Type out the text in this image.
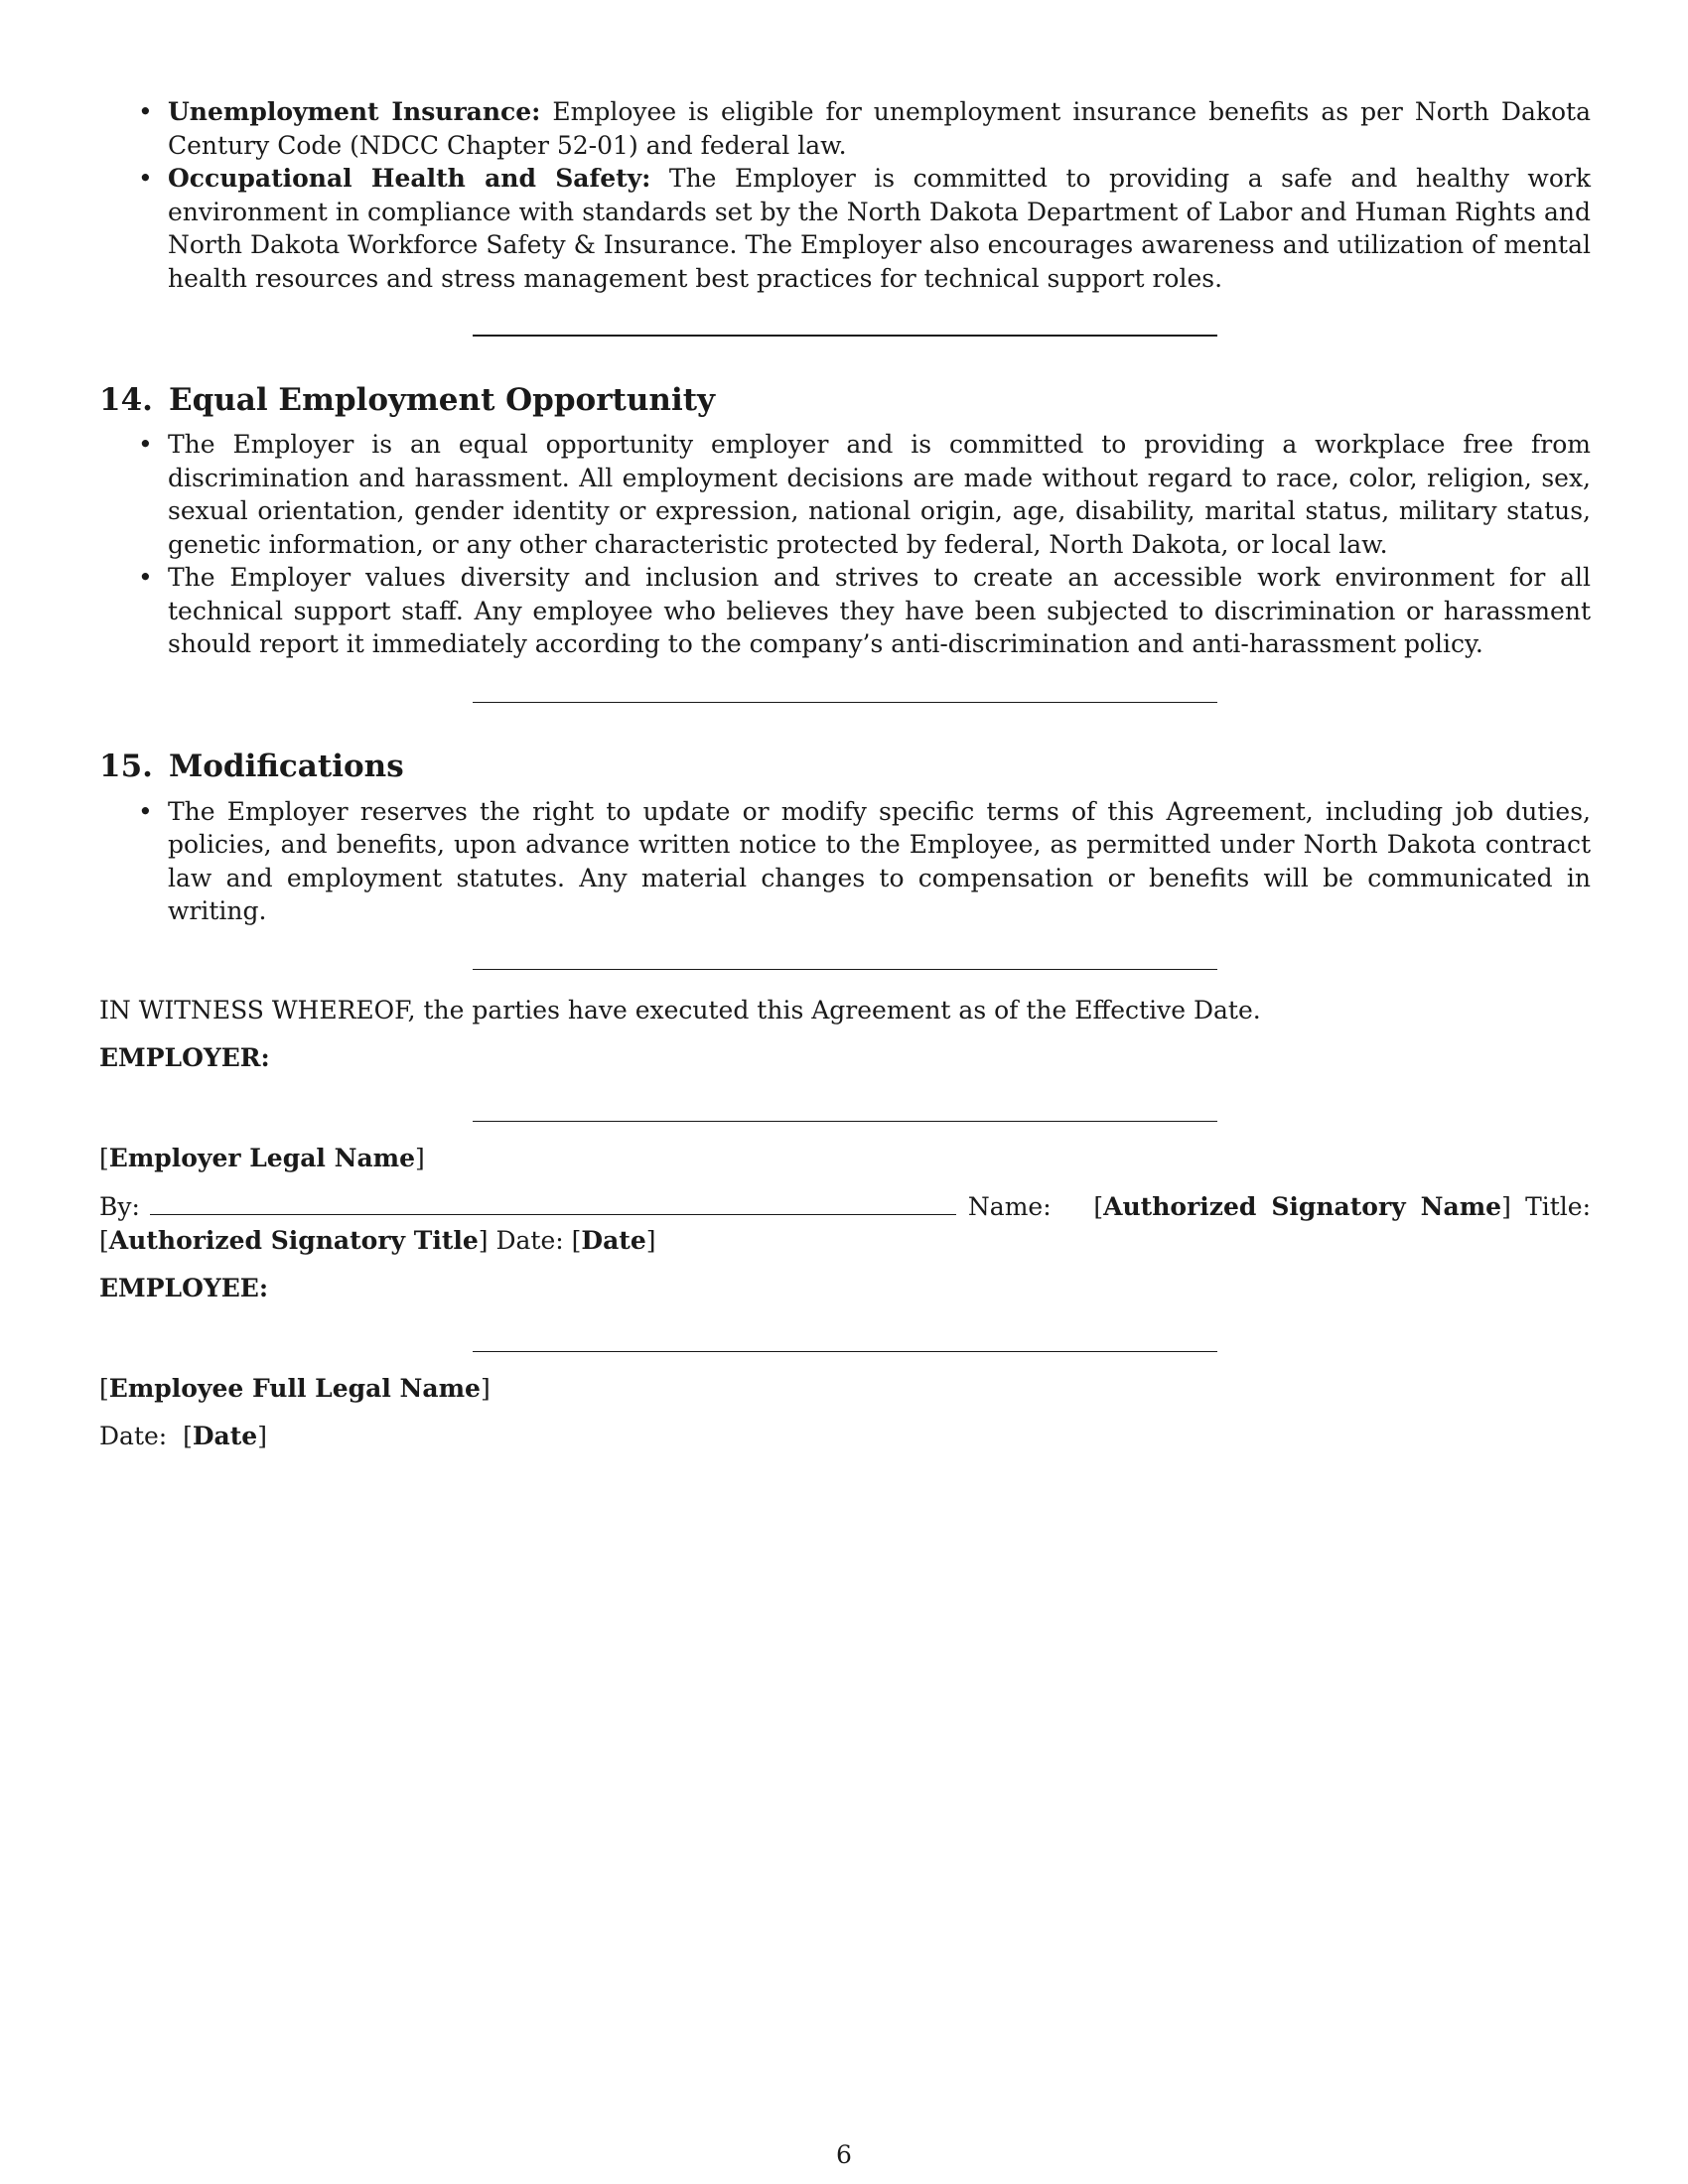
• Unemployment Insurance: Employee is eligible for unemployment insurance benefits as per North Dakota Century Code (NDCC Chapter 52-01) and federal law.
• Occupational Health and Safety: The Employer is committed to providing a safe and healthy work environment in compliance with standards set by the North Dakota Department of Labor and Human Rights and North Dakota Workforce Safety & Insurance. The Employer also encourages awareness and utilization of mental health resources and stress management best practices for technical support roles.
14. Equal Employment Opportunity
• The Employer is an equal opportunity employer and is committed to providing a workplace free from discrimination and harassment. All employment decisions are made without regard to race, color, religion, sex, sexual orientation, gender identity or expression, national origin, age, disability, marital status, military status, genetic information, or any other characteristic protected by federal, North Dakota, or local law.
• The Employer values diversity and inclusion and strives to create an accessible work environment for all technical support staff. Any employee who believes they have been subjected to discrimination or harassment should report it immediately according to the company’s anti-discrimination and anti-harassment policy.
15. Modifications
• The Employer reserves the right to update or modify specific terms of this Agreement, including job duties, policies, and benefits, upon advance written notice to the Employee, as permitted under North Dakota contract law and employment statutes. Any material changes to compensation or benefits will be communicated in writing.

IN WITNESS WHEREOF, the parties have executed this Agreement as of the Effective Date.

EMPLOYER:

[Employer Legal Name]

By:	Name:   [Authorized Signatory Name] Title: [Authorized Signatory Title] Date: [Date]

EMPLOYEE:

[Employee Full Legal Name]

Date:  [Date]

6
